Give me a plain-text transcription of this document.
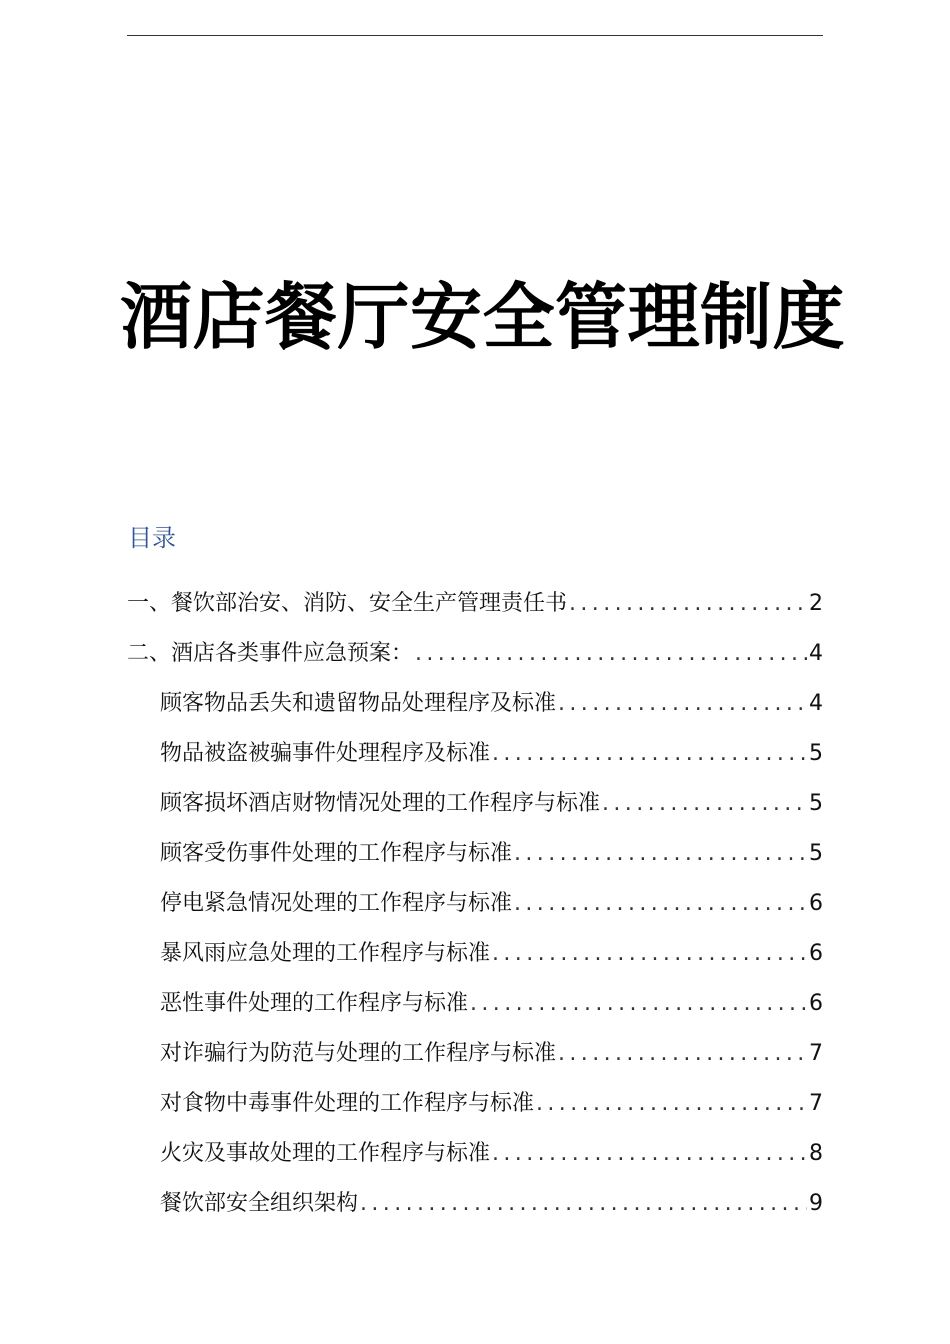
酒店餐厅安全管理制度
目录
一、餐饮部治安、消防、安全生产管理责任书 .....	2
二、酒店各类事件应急预案： .....	4
顾客物品丢失和遗留物品处理程序及标准 .....	4
物品被盗被骗事件处理程序及标准 .....	5
顾客损坏酒店财物情况处理的工作程序与标准 .....	5
顾客受伤事件处理的工作程序与标准 .....	5
停电紧急情况处理的工作程序与标准 .....	6
暴风雨应急处理的工作程序与标准 .....	6
恶性事件处理的工作程序与标准 .....	6
对诈骗行为防范与处理的工作程序与标准 .....	7
对食物中毒事件处理的工作程序与标准 .....	7
火灾及事故处理的工作程序与标准 .....	8
餐饮部安全组织架构 .....	9
